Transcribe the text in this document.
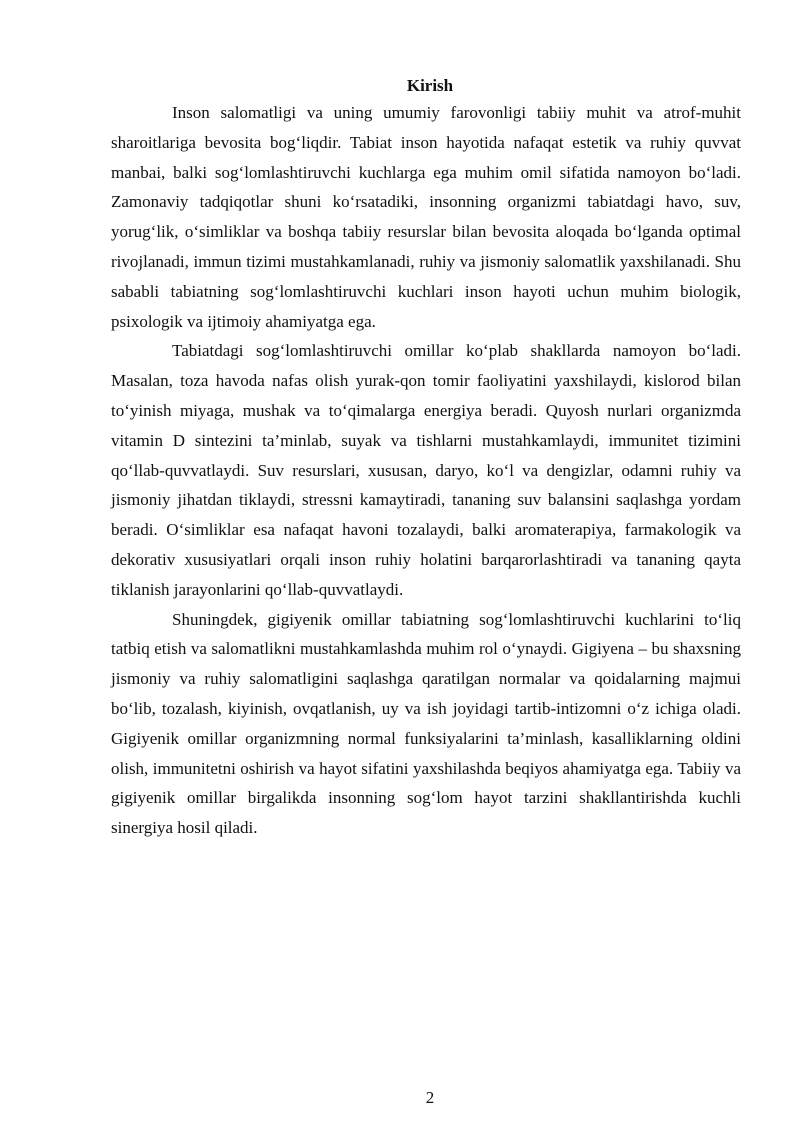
Kirish

Inson salomatligi va uning umumiy farovonligi tabiiy muhit va atrof-muhit sharoitlariga bevosita bog‘liqdir. Tabiat inson hayotida nafaqat estetik va ruhiy quvvat manbai, balki sog‘lomlashtiruvchi kuchlarga ega muhim omil sifatida namoyon bo‘ladi. Zamonaviy tadqiqotlar shuni ko‘rsatadiki, insonning organizmi tabiatdagi havo, suv, yorug‘lik, o‘simliklar va boshqa tabiiy resurslar bilan bevosita aloqada bo‘lganda optimal rivojlanadi, immun tizimi mustahkamlanadi, ruhiy va jismoniy salomatlik yaxshilanadi. Shu sababli tabiatning sog‘lomlashtiruvchi kuchlari inson hayoti uchun muhim biologik, psixologik va ijtimoiy ahamiyatga ega.

Tabiatdagi sog‘lomlashtiruvchi omillar ko‘plab shakllarda namoyon bo‘ladi. Masalan, toza havoda nafas olish yurak-qon tomir faoliyatini yaxshilaydi, kislorod bilan to‘yinish miyaga, mushak va to‘qimalarga energiya beradi. Quyosh nurlari organizmda vitamin D sintezini ta’minlab, suyak va tishlarni mustahkamlaydi, immunitet tizimini qo‘llab-quvvatlaydi. Suv resurslari, xususan, daryo, ko‘l va dengizlar, odamni ruhiy va jismoniy jihatdan tiklaydi, stressni kamaytiradi, tananing suv balansini saqlashga yordam beradi. O‘simliklar esa nafaqat havoni tozalaydi, balki aromaterapiya, farmakologik va dekorativ xususiyatlari orqali inson ruhiy holatini barqarorlashtiradi va tananing qayta tiklanish jarayonlarini qo‘llab-quvvatlaydi.

Shuningdek, gigiyenik omillar tabiatning sog‘lomlashtiruvchi kuchlarini to‘liq tatbiq etish va salomatlikni mustahkamlashda muhim rol o‘ynaydi. Gigiyena – bu shaxsning jismoniy va ruhiy salomatligini saqlashga qaratilgan normalar va qoidalarning majmui bo‘lib, tozalash, kiyinish, ovqatlanish, uy va ish joyidagi tartib-intizomni o‘z ichiga oladi. Gigiyenik omillar organizmning normal funksiyalarini ta’minlash, kasalliklarning oldini olish, immunitetni oshirish va hayot sifatini yaxshilashda beqiyos ahamiyatga ega. Tabiiy va gigiyenik omillar birgalikda insonning sog‘lom hayot tarzini shakllantirishda kuchli sinergiya hosil qiladi.

2
